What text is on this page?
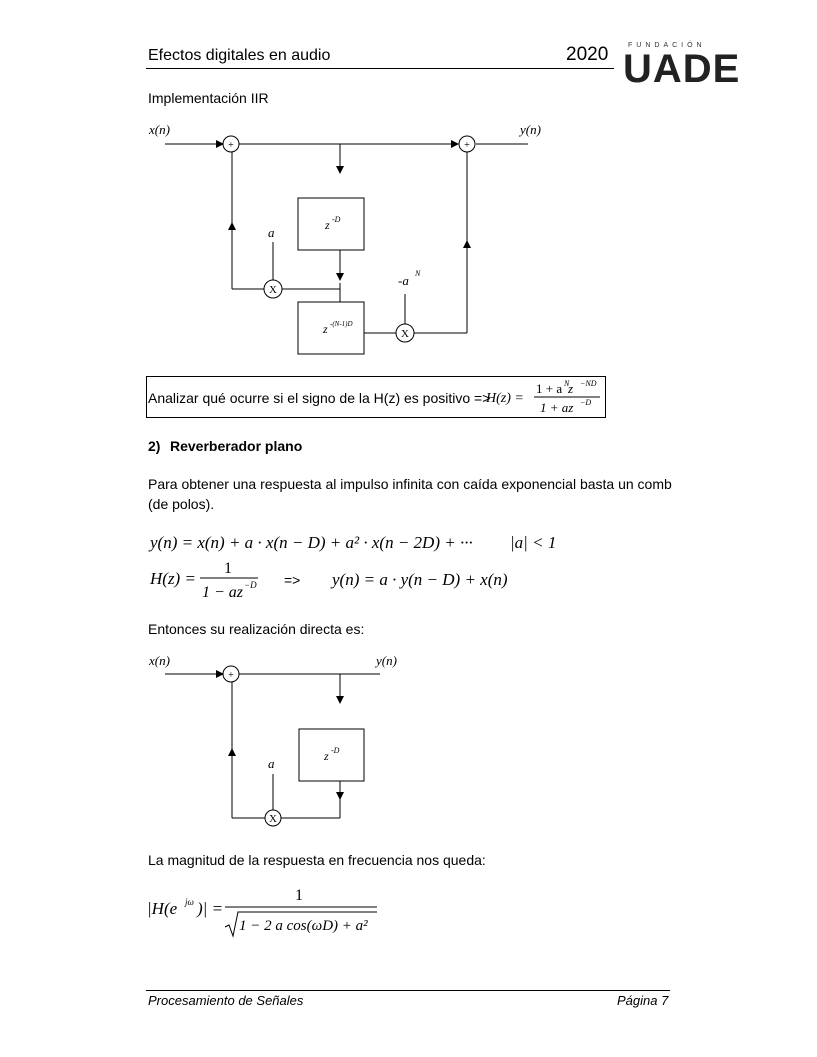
Efectos digitales en audio	2020	FUNDACIÓN
UADE
Implementación IIR
+	+
X
X
x(n)	y(n)
z -D
z -(N-1)D
a
-a N
Analizar qué ocurre si el signo de la H(z) es positivo =>
H(z) =
1 + a N
z −ND
1 + az −D
2) Reverberador plano
Para obtener una respuesta al impulso infinita con caída exponencial basta un comb (de polos).
y(n) = x(n) + a · x(n − D) + a² · x(n − 2D) + ··· |a| < 1
H(z) =
1
1 − az −D => y(n) = a · y(n − D) + x(n)
Entonces su realización directa es:
+
X
x(n)	y(n)
z -D
a
La magnitud de la respuesta en frecuencia nos queda:
|H(e jω )| =
1
1 − 2 a cos(ωD) + a²
Procesamiento de Señales	Página 7
